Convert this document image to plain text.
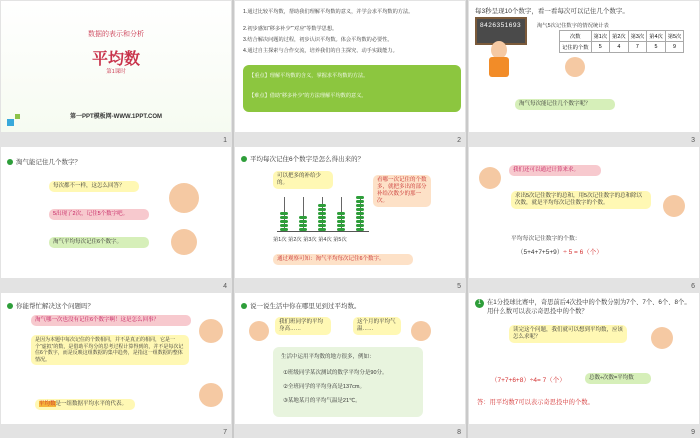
数据的表示和分析
平均数
第1课时
第一PPT模板网-WWW.1PPT.COM
1
1.通过比较平均数，帮助我们理解平均数的意义，并学会求平均数的方法。
2.初步感知“移多补少”“对应”等数学思想。
3.结合解决问题的过程，初步认识平均数。体会平均数的必要性。
4.通过自主探索与合作交流，培养我们的自主探究、动手实践能力。
【重点】理解平均数的含义，掌握求平均数的方法。
【难点】借助“移多补少”的方法理解平均数的意义。
2
每3秒呈现10个数字，看一看每次可以记住几个数字。
8426351693	淘气5次记住数字的情况统计表
次数	第1次	第2次	第3次	第4次	第5次
记住的个数	5	4	7	5	9
淘气每次能记住几个数字呢？
3
淘气能记住几个数字？
每次都不一样，这怎么回答？
5出现了2次，记住5个数字吧。
淘气平均每次记住6个数字。
4
平均每次记住6个数字是怎么得出来的？
可以把多的补给少的。	看哪一次记住的个数多，就把多出的部分补给次数少的那一次。
第1次 第2次 第3次 第4次 第5次
通过观察可知：淘气平均每次记住6个数字。
5
我们还可以通过计算来求。
求出5次记住数字的总和，用5次记住数字的总和除以次数，就是平均每次记住数字的个数。
平均每次记住数字的个数：
（5+4+7+5+9）÷ 5 = 6（个）
6
你能帮忙解决这个问题吗？
淘气哪一次也没有记住6个数字啊！这是怎么回事？
是因为本题中每次记住的个数相同，并不是真正的相同，它是一个“虚拟”的数，是借助平均分的思考过程计算得到的，并不是每次记住6个数字，而是反映这组数据的集中趋势，是指这一组数据的整体情况。
平均数是一组数据平均水平的代表。
7
说一说生活中你在哪里见到过平均数。
我们班同学的平均身高……
这个月的平均气温……
生活中运用平均数的地方很多，例如：
①班级同学某次测试的数学平均分是90分。
②全班同学的平均身高是137cm。
③某地某月的平均气温是21℃。
8
1 在1分投球比赛中，奇思前后4次投中的个数分别为7个、7个、6个、8个。用什么数可以表示奇思投中的个数？
读完这个问题，我们就可以想到平均数，应该怎么求呢？
（7+7+6+8）÷4= 7（个）	总数÷次数=平均数
答：用平均数7可以表示奇思投中的个数。
9
